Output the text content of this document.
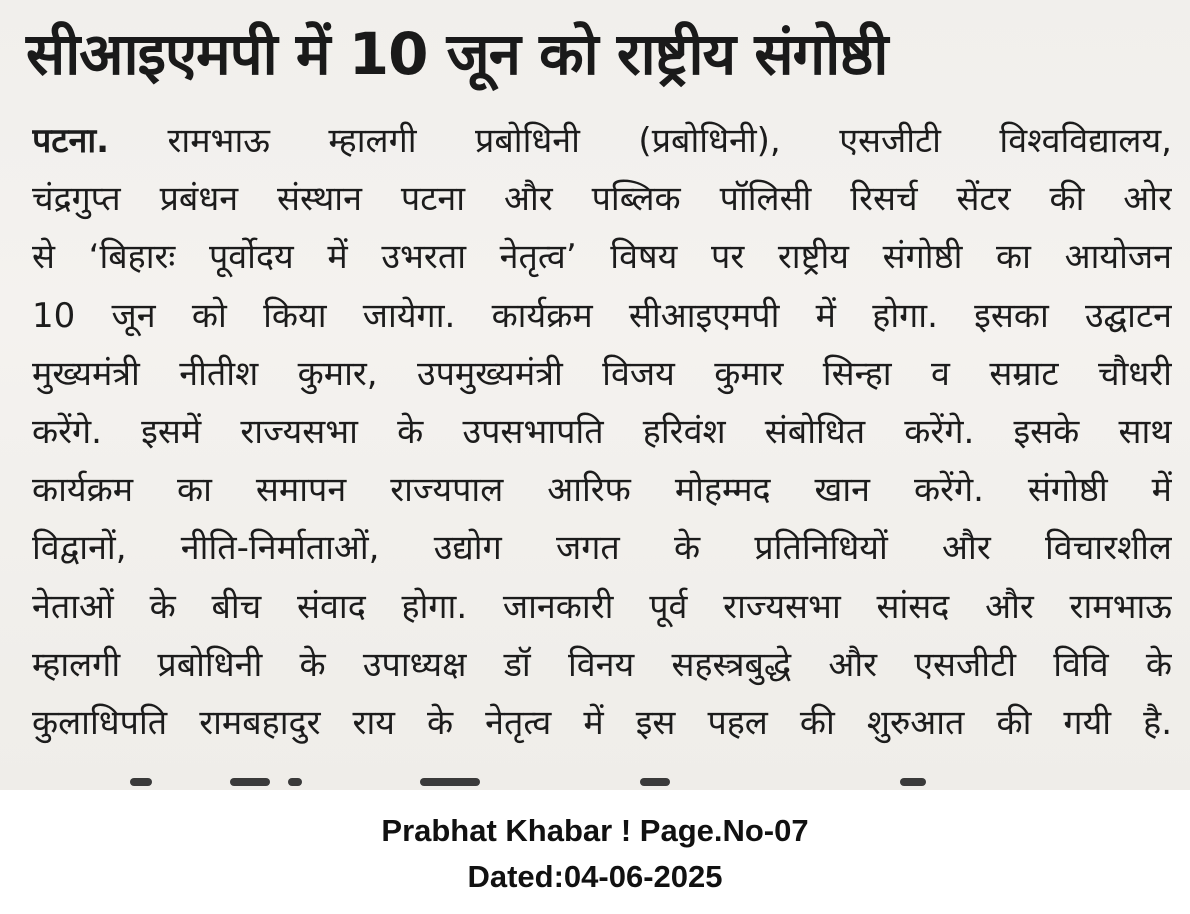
सीआइएमपी में 10 जून को राष्ट्रीय संगोष्ठी
पटना. रामभाऊ म्हालगी प्रबोधिनी (प्रबोधिनी), एसजीटी विश्वविद्यालय,
चंद्रगुप्त प्रबंधन संस्थान पटना और पब्लिक पॉलिसी रिसर्च सेंटर की ओर
से ‘बिहारः पूर्वोदय में उभरता नेतृत्व’ विषय पर राष्ट्रीय संगोष्ठी का आयोजन
10 जून को किया जायेगा. कार्यक्रम सीआइएमपी में होगा. इसका उद्घाटन
मुख्यमंत्री नीतीश कुमार, उपमुख्यमंत्री विजय कुमार सिन्हा व सम्राट चौधरी
करेंगे. इसमें राज्यसभा के उपसभापति हरिवंश संबोधित करेंगे. इसके साथ
कार्यक्रम का समापन राज्यपाल आरिफ मोहम्मद खान करेंगे. संगोष्ठी में
विद्वानों, नीति-निर्माताओं, उद्योग जगत के प्रतिनिधियों और विचारशील
नेताओं के बीच संवाद होगा. जानकारी पूर्व राज्यसभा सांसद और रामभाऊ
म्हालगी प्रबोधिनी के उपाध्यक्ष डॉ विनय सहस्त्रबुद्धे और एसजीटी विवि के
कुलाधिपति रामबहादुर राय के नेतृत्व में इस पहल की शुरुआत की गयी है.
Prabhat Khabar ! Page.No-07
Dated:04-06-2025
